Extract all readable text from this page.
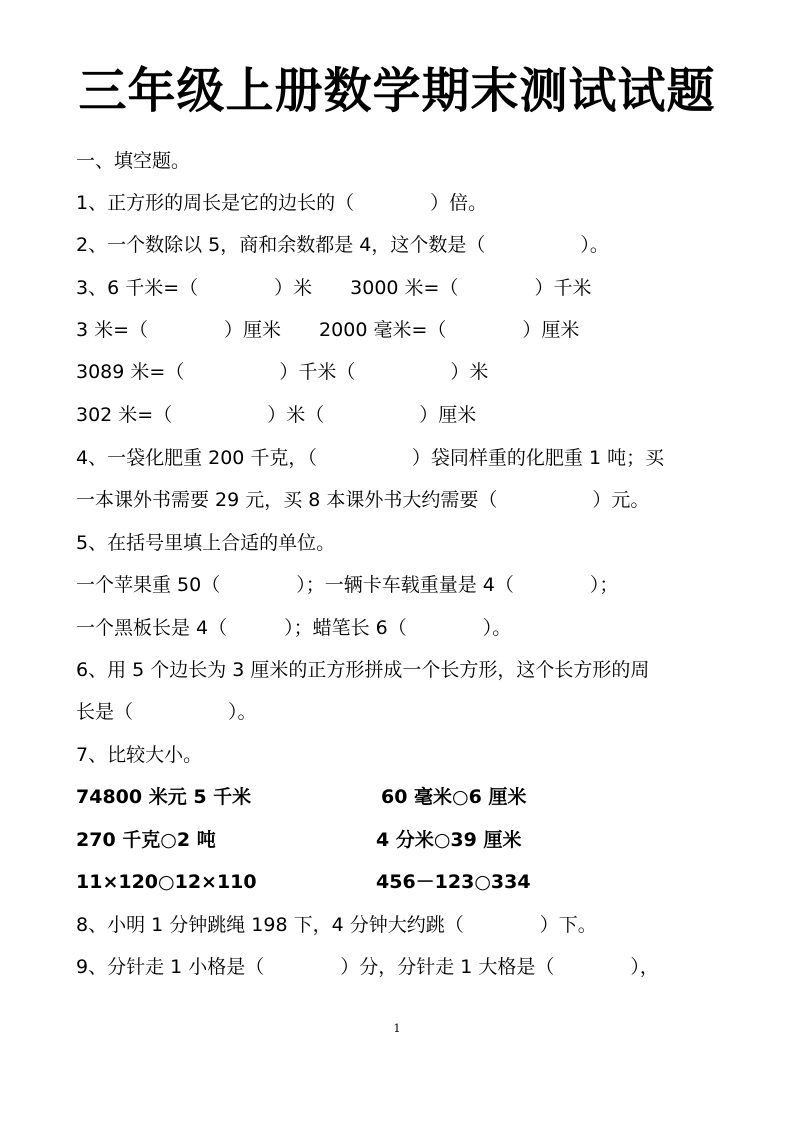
三年级上册数学期末测试试题
一、填空题。
1、正方形的周长是它的边长的（　　　　）倍。
2、一个数除以 5，商和余数都是 4，这个数是（　　　　　）。
3、6 千米=（　　　　）米　　3000 米=（　　　　）千米
3 米=（　　　　）厘米　　2000 毫米=（　　　　）厘米
3089 米=（　　　　　）千米（　　　　　）米
302 米=（　　　　　）米（　　　　　）厘米
4、一袋化肥重 200 千克，（　　　　　）袋同样重的化肥重 1 吨；买
一本课外书需要 29 元，买 8 本课外书大约需要（　　　　　）元。
5、在括号里填上合适的单位。
一个苹果重 50（　　　　）；一辆卡车载重量是 4（　　　　）；
一个黑板长是 4（　　　）；蜡笔长 6（　　　　）。
6、用 5 个边长为 3 厘米的正方形拼成一个长方形，这个长方形的周
长是（　　　　　）。
7、比较大小。
74800 米元 5 千米	60 毫米○6 厘米
270 千克○2 吨	4 分米○39 厘米
11×120○12×110	456－123○334
8、小明 1 分钟跳绳 198 下，4 分钟大约跳（　　　　）下。
9、分针走 1 小格是（　　　　）分，分针走 1 大格是（　　　　），
1
